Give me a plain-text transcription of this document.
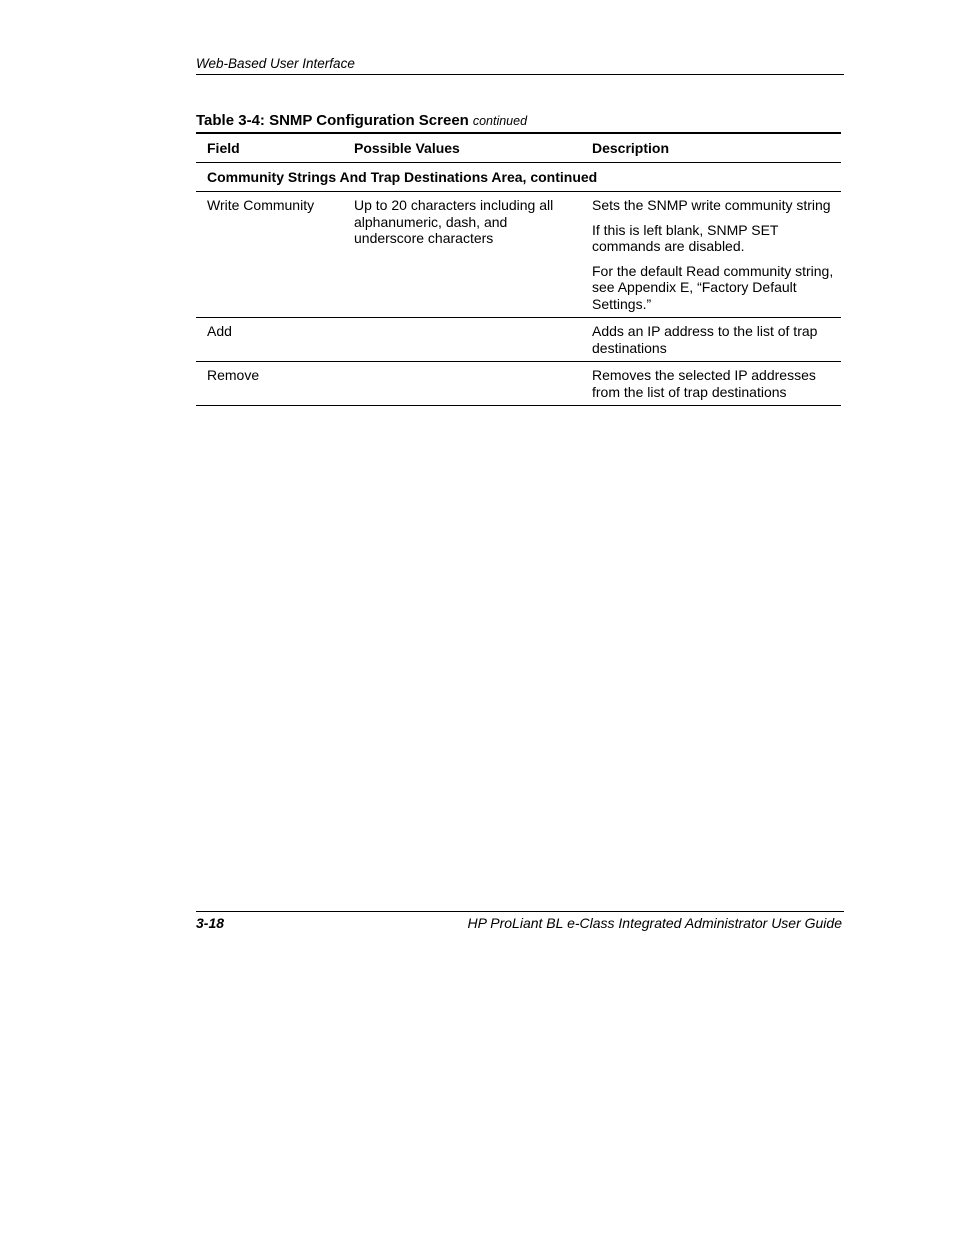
Web-Based User Interface
Table 3-4: SNMP Configuration Screen continued
Field	Possible Values	Description
Community Strings And Trap Destinations Area, continued		
Write Community	Up to 20 characters including all alphanumeric, dash, and underscore characters	Sets the SNMP write community string

If this is left blank, SNMP SET commands are disabled.

For the default Read community string, see Appendix E, “Factory Default Settings.”

Add		Adds an IP address to the list of trap destinations

Remove		Removes the selected IP addresses from the list of trap destinations

3-18	HP ProLiant BL e-Class Integrated Administrator User Guide
